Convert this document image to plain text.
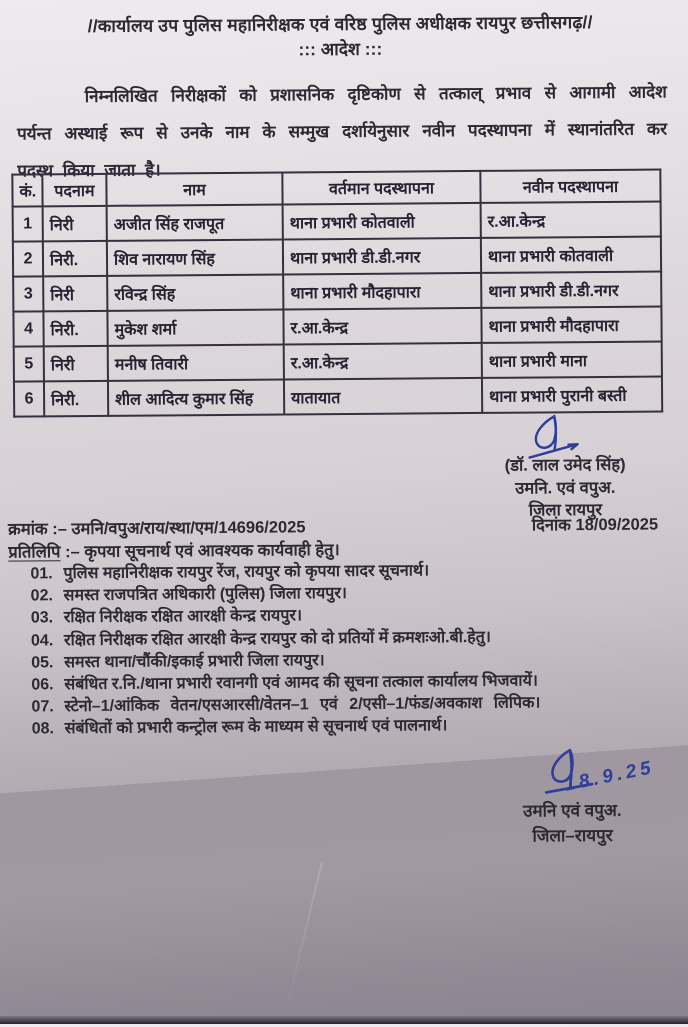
//कार्यालय उप पुलिस महानिरीक्षक एवं वरिष्ठ पुलिस अधीक्षक रायपुर छत्तीसगढ़//
::: आदेश :::
निम्नलिखित निरीक्षकों को प्रशासनिक दृष्टिकोण से तत्काल् प्रभाव से आगामी आदेश पर्यन्त अस्थाई रूप से उनके नाम के सम्मुख दर्शायेनुसार नवीन पदस्थापना में स्थानांतरित कर पदस्थ किया जाता है।
कं.	पदनाम	नाम	वर्तमान पदस्थापना	नवीन पदस्थापना
1	निरी	अजीत सिंह राजपूत	थाना प्रभारी कोतवाली	र.आ.केन्द्र
2	निरी.	शिव नारायण सिंह	थाना प्रभारी डी.डी.नगर	थाना प्रभारी कोतवाली
3	निरी	रविन्द्र सिंह	थाना प्रभारी मौदहापारा	थाना प्रभारी डी.डी.नगर
4	निरी.	मुकेश शर्मा	र.आ.केन्द्र	थाना प्रभारी मौदहापारा
5	निरी	मनीष तिवारी	र.आ.केन्द्र	थाना प्रभारी माना
6	निरी.	शील आदित्य कुमार सिंह	यातायात	थाना प्रभारी पुरानी बस्ती
(डॉ. लाल उमेद सिंह)
उमनि. एवं वपुअ.
जिला रायपुर
क्रमांक :– उमनि/वपुअ/राय/स्था/एम/14696/2025	दिनांक 18/09/2025
प्रतिलिपि :– कृपया सूचनार्थ एवं आवश्यक कार्यवाही हेतु।
01. पुलिस महानिरीक्षक रायपुर रेंज, रायपुर को कृपया सादर सूचनार्थ।
02. समस्त राजपत्रित अधिकारी (पुलिस) जिला रायपुर।
03. रक्षित निरीक्षक रक्षित आरक्षी केन्द्र रायपुर।
04. रक्षित निरीक्षक रक्षित आरक्षी केन्द्र रायपुर को दो प्रतियों में क्रमशःओ.बी.हेतु।
05. समस्त थाना/चौंकी/इकाई प्रभारी जिला रायपुर।
06. संबंधित र.नि./थाना प्रभारी रवानगी एवं आमद की सूचना तत्काल कार्यालय भिजवायें।
07. स्टेनो–1/आंकिक वेतन/एसआरसी/वेतन–1 एवं 2/एसी–1/फंड/अवकाश लिपिक।
08. संबंधितों को प्रभारी कन्ट्रोल रूम के माध्यम से सूचनार्थ एवं पालनार्थ।
18.9.25
उमनि एवं वपुअ.
जिला–रायपुर
